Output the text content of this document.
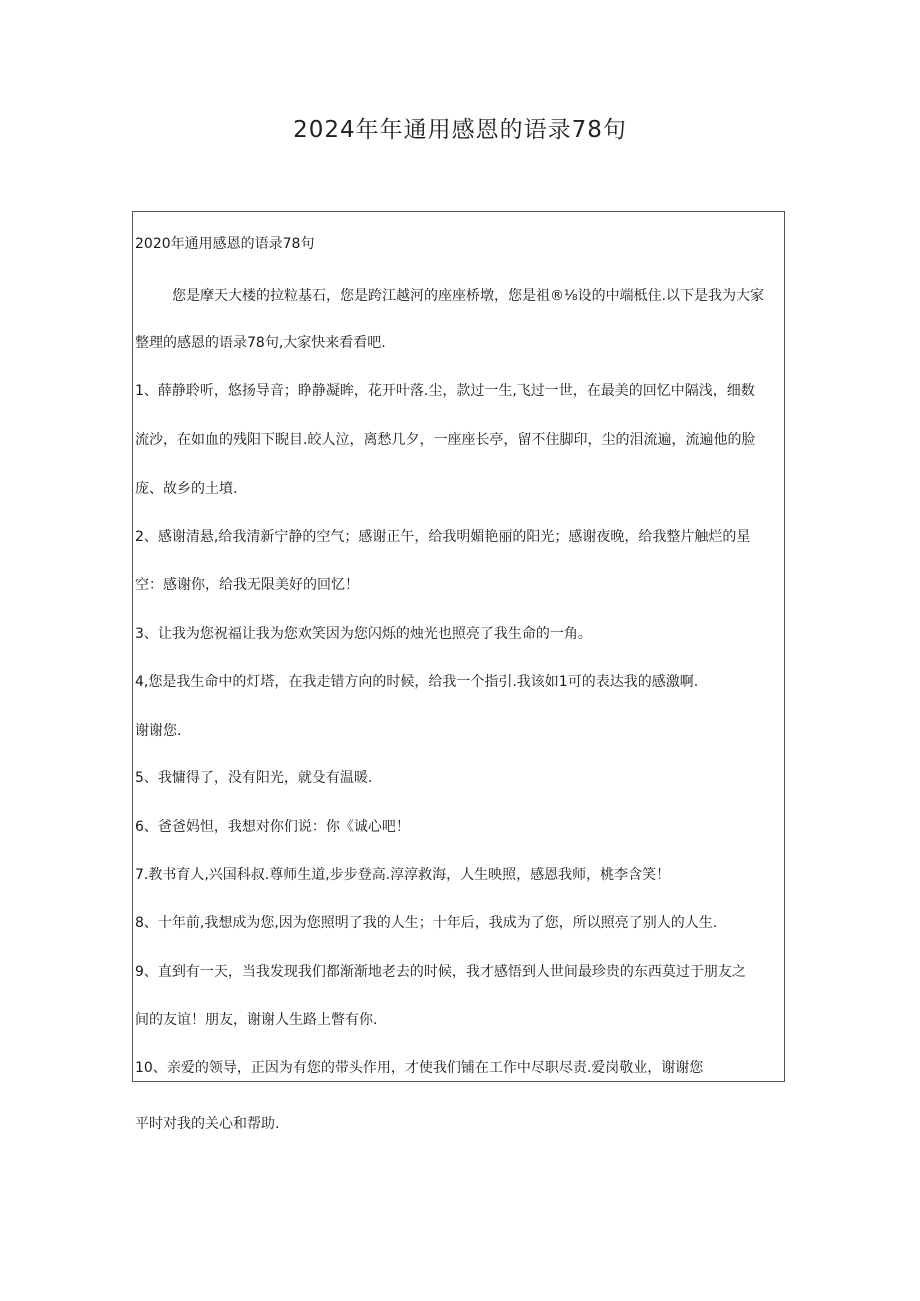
2024年年通用感恩的语录78句
2020年通用感恩的语录78句
您是摩天大楼的拉粒基石，您是跨江越河的座座桥墩，您是祖®⅛设的中端柢住.以下是我为大家
整理的感恩的语录78句,大家快来看看吧.
1、薛静聆听，悠扬导音；睁静凝眸，花开叶落.尘，款过一生,飞过一世，在最美的回忆中隔浅，细数
流沙，在如血的残阳下睨目.皎人泣，离愁几夕，一座座长亭，留不住脚印，尘的泪流遍，流遍他的脸
庞、故乡的土墳.
2、感谢清悬,给我清新宁静的空气；感谢正午，给我明媚艳丽的阳光；感谢夜晚，给我整片触烂的星
空：感谢你，给我无限美好的回忆！
3、让我为您祝福让我为您欢笑因为您闪烁的烛光也照亮了我生命的一角。
4,您是我生命中的灯塔，在我走错方向的时候，给我一个指引.我该如1可的表达我的感激啊.
谢谢您.
5、我慵得了，没有阳光，就殳有温暖.
6、爸爸妈怛，我想对你们说：你《诚心吧！
7.教书育人,兴国科叔.尊师生道,步步登高.淳淳救海，人生映照，感恩我师，桃李含笑！
8、十年前,我想成为您,因为您照明了我的人生；十年后，我成为了您，所以照亮了别人的人生.
9、直到有一天，当我发现我们都渐渐地老去的时候，我才感悟到人世间最珍贵的东西莫过于朋友之
间的友谊！朋友，谢谢人生路上瞥有你.
10、亲爱的领导，正因为有您的带头作用，才使我们铺在工作中尽职尽责.爱岗敬业，谢谢您
平时对我的关心和帮助.
